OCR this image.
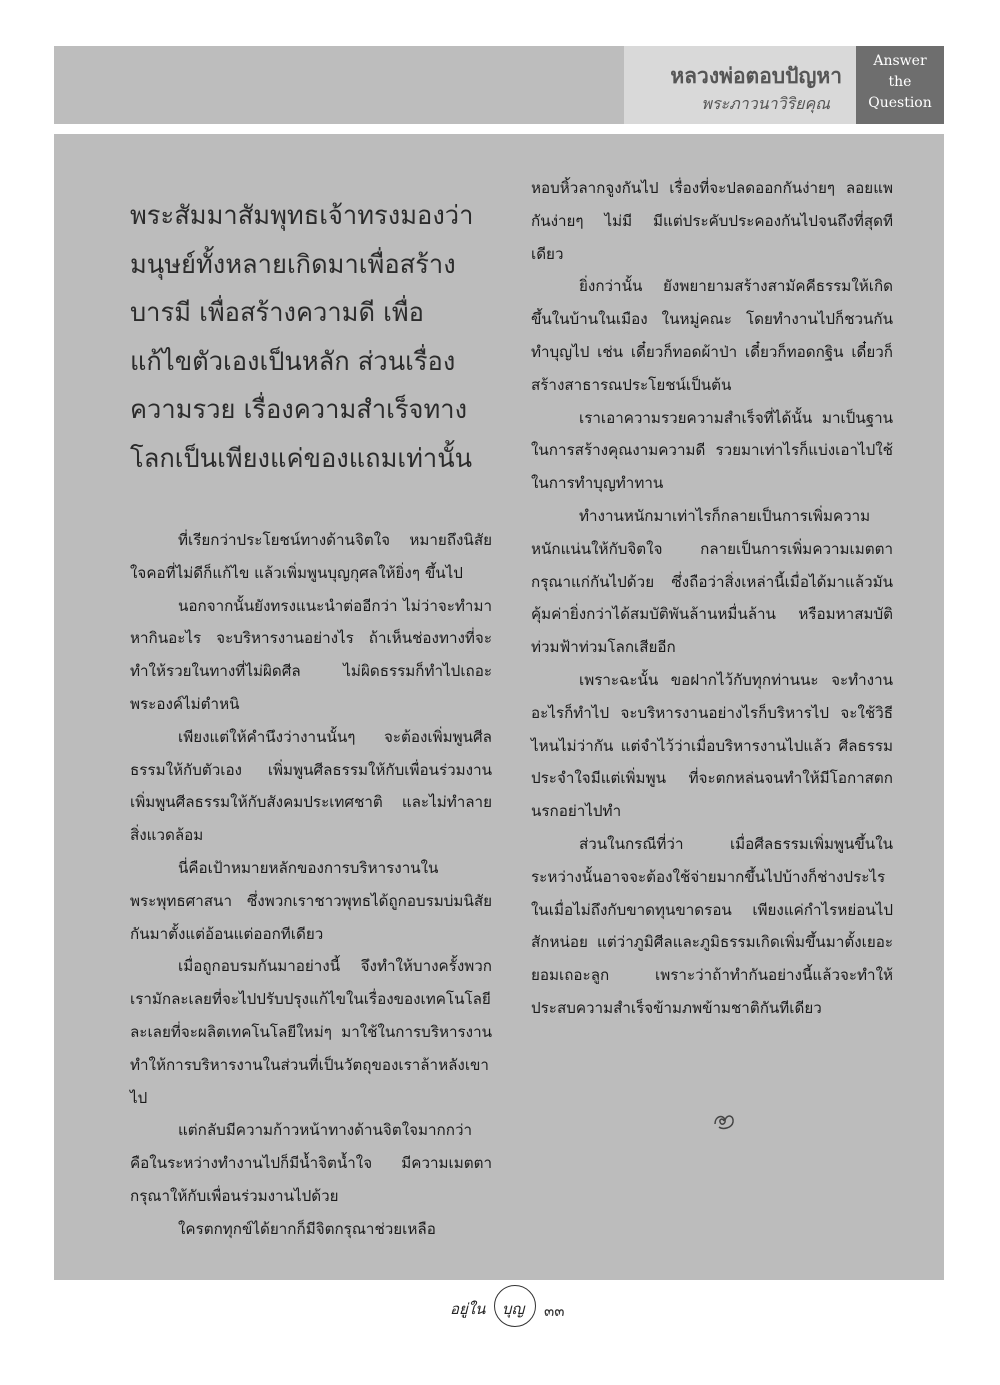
หลวงพ่อตอบปัญหา
พระภาวนาวิริยคุณ
Answer
the
Question

พระสัมมาสัมพุทธเจ้าทรงมองว่า

มนุษย์ทั้งหลายเกิดมาเพื่อสร้าง

บารมี เพื่อสร้างความดี เพื่อ

แก้ไขตัวเองเป็นหลัก ส่วนเรื่อง

ความรวย เรื่องความสำเร็จทาง

โลกเป็นเพียงแค่ของแถมเท่านั้น

ที่เรียกว่าประโยชน์ทางด้านจิตใจ หมายถึงนิสัยใจคอที่ไม่ดีก็แก้ไข แล้วเพิ่มพูนบุญกุศลให้ยิ่งๆ ขึ้นไป

นอกจากนั้นยังทรงแนะนำต่ออีกว่า ไม่ว่าจะทำมาหากินอะไร จะบริหารงานอย่างไร ถ้าเห็นช่องทางที่จะทำให้รวยในทางที่ไม่ผิดศีล ไม่ผิดธรรมก็ทำไปเถอะ พระองค์ไม่ตำหนิ

เพียงแต่ให้คำนึงว่างานนั้นๆ จะต้องเพิ่มพูนศีลธรรมให้กับตัวเอง เพิ่มพูนศีลธรรมให้กับเพื่อนร่วมงาน เพิ่มพูนศีลธรรมให้กับสังคมประเทศชาติ และไม่ทำลายสิ่งแวดล้อม

นี่คือเป้าหมายหลักของการบริหารงานในพระพุทธศาสนา ซึ่งพวกเราชาวพุทธได้ถูกอบรมบ่มนิสัยกันมาตั้งแต่อ้อนแต่ออกทีเดียว

เมื่อถูกอบรมกันมาอย่างนี้ จึงทำให้บางครั้งพวกเรามักละเลยที่จะไปปรับปรุงแก้ไขในเรื่องของเทคโนโลยี ละเลยที่จะผลิตเทคโนโลยีใหม่ๆ มาใช้ในการบริหารงาน ทำให้การบริหารงานในส่วนที่เป็นวัตถุของเราล้าหลังเขาไป

แต่กลับมีความก้าวหน้าทางด้านจิตใจมากกว่า คือในระหว่างทำงานไปก็มีน้ำจิตน้ำใจ มีความเมตตากรุณาให้กับเพื่อนร่วมงานไปด้วย

ใครตกทุกข์ได้ยากก็มีจิตกรุณาช่วยเหลือ

หอบหิ้วลากจูงกันไป เรื่องที่จะปลดออกกันง่ายๆ ลอยแพกันง่ายๆ ไม่มี มีแต่ประคับประคองกันไปจนถึงที่สุดทีเดียว

ยิ่งกว่านั้น ยังพยายามสร้างสามัคคีธรรมให้เกิดขึ้นในบ้านในเมือง ในหมู่คณะ โดยทำงานไปก็ชวนกันทำบุญไป เช่น เดี๋ยวก็ทอดผ้าป่า เดี๋ยวก็ทอดกฐิน เดี๋ยวก็สร้างสาธารณประโยชน์เป็นต้น

เราเอาความรวยความสำเร็จที่ได้นั้น มาเป็นฐานในการสร้างคุณงามความดี รวยมาเท่าไรก็แบ่งเอาไปใช้ในการทำบุญทำทาน

ทำงานหนักมาเท่าไรก็กลายเป็นการเพิ่มความหนักแน่นให้กับจิตใจ กลายเป็นการเพิ่มความเมตตากรุณาแก่กันไปด้วย ซึ่งถือว่าสิ่งเหล่านี้เมื่อได้มาแล้วมันคุ้มค่ายิ่งกว่าได้สมบัติพันล้านหมื่นล้าน หรือมหาสมบัติท่วมฟ้าท่วมโลกเสียอีก

เพราะฉะนั้น ขอฝากไว้กับทุกท่านนะ จะทำงานอะไรก็ทำไป จะบริหารงานอย่างไรก็บริหารไป จะใช้วิธีไหนไม่ว่ากัน แต่จำไว้ว่าเมื่อบริหารงานไปแล้ว ศีลธรรมประจำใจมีแต่เพิ่มพูน ที่จะตกหล่นจนทำให้มีโอกาสตกนรกอย่าไปทำ

ส่วนในกรณีที่ว่า เมื่อศีลธรรมเพิ่มพูนขึ้นในระหว่างนั้นอาจจะต้องใช้จ่ายมากขึ้นไปบ้างก็ช่างประไร ในเมื่อไม่ถึงกับขาดทุนขาดรอน เพียงแค่กำไรหย่อนไปสักหน่อย แต่ว่าภูมิศีลและภูมิธรรมเกิดเพิ่มขึ้นมาตั้งเยอะ ยอมเถอะลูก เพราะว่าถ้าทำกันอย่างนี้แล้วจะทำให้ประสบความสำเร็จข้ามภพข้ามชาติกันทีเดียว

อยู่ใน บุญ ๓๓
